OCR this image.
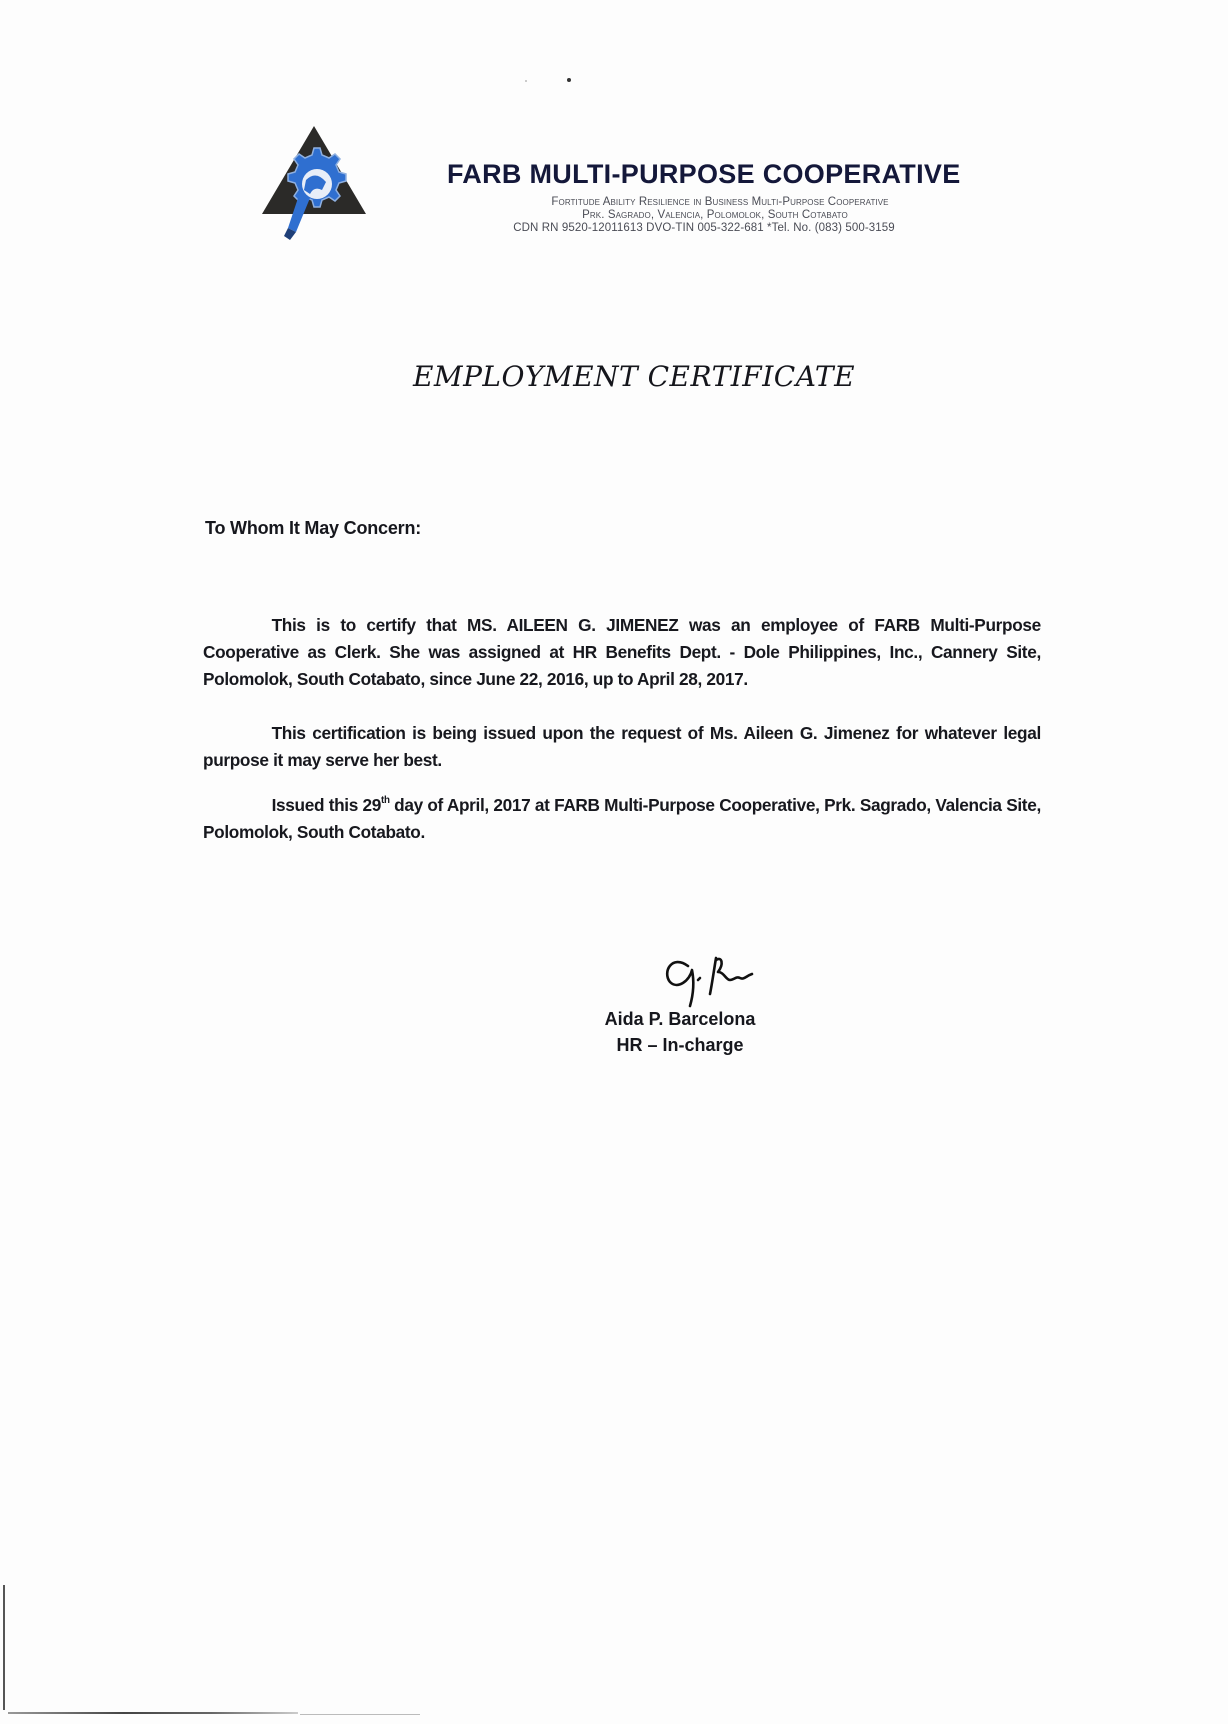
FARB MULTI-PURPOSE COOPERATIVE
Fortitude Ability Resilience in Business Multi-Purpose Cooperative
Prk. Sagrado, Valencia, Polomolok, South Cotabato
CDN RN 9520-12011613 DVO-TIN 005-322-681 *Tel. No. (083) 500-3159
EMPLOYMENT CERTIFICATE
To Whom It May Concern:
This is to certify that MS. AILEEN G. JIMENEZ was an employee of FARB Multi-Purpose Cooperative as Clerk. She was assigned at HR Benefits Dept. - Dole Philippines, Inc., Cannery Site, Polomolok, South Cotabato, since June 22, 2016, up to April 28, 2017.
This certification is being issued upon the request of Ms. Aileen G. Jimenez for whatever legal purpose it may serve her best.
Issued this 29th day of April, 2017 at FARB Multi-Purpose Cooperative, Prk. Sagrado, Valencia Site, Polomolok, South Cotabato.
Aida P. Barcelona
HR – In-charge
